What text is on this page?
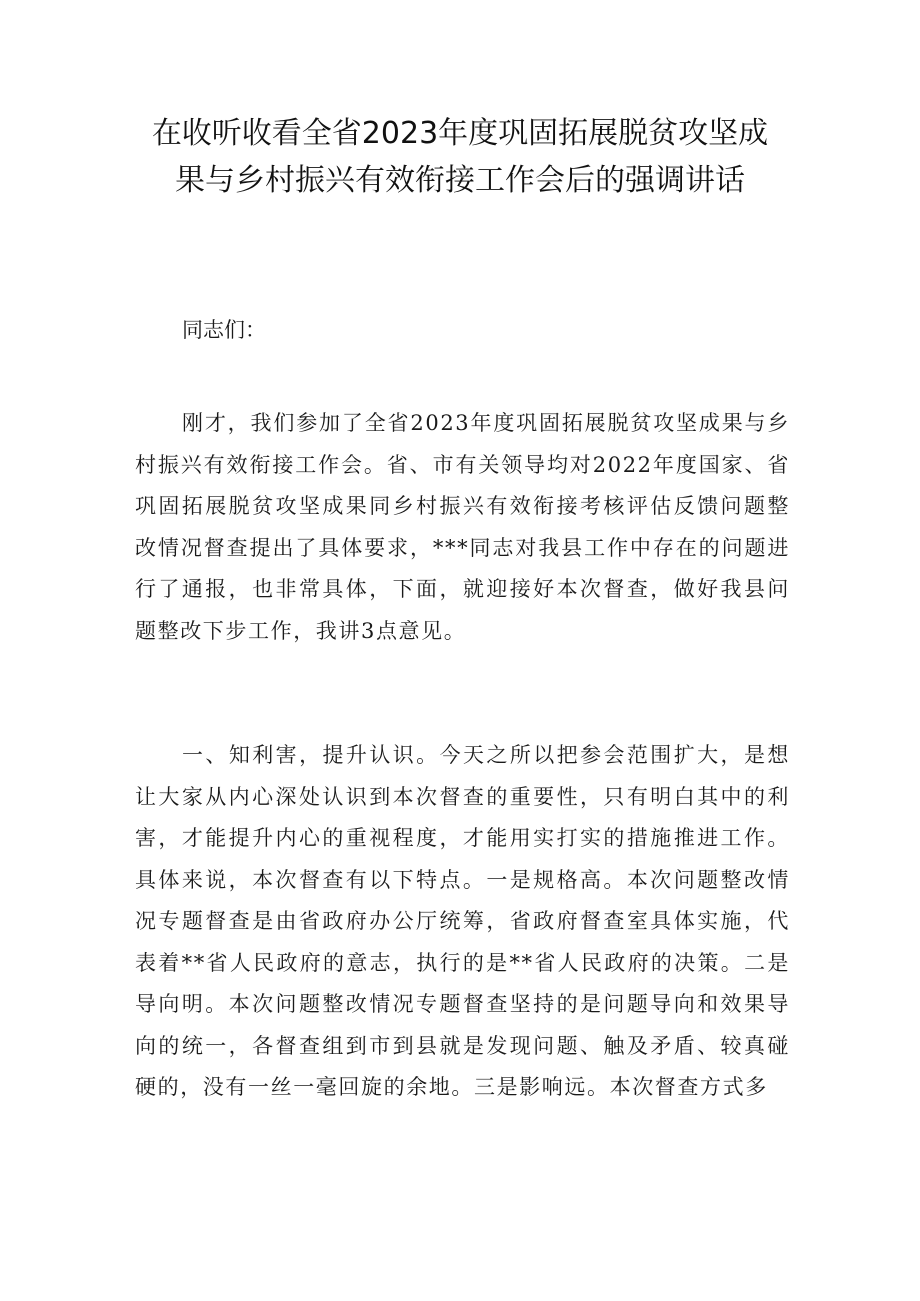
在收听收看全省2023年度巩固拓展脱贫攻坚成果与乡村振兴有效衔接工作会后的强调讲话

同志们：

刚才，我们参加了全省2023年度巩固拓展脱贫攻坚成果与乡村振兴有效衔接工作会。省、市有关领导均对2022年度国家、省巩固拓展脱贫攻坚成果同乡村振兴有效衔接考核评估反馈问题整改情况督查提出了具体要求，***同志对我县工作中存在的问题进行了通报，也非常具体，下面，就迎接好本次督查，做好我县问题整改下步工作，我讲3点意见。

一、知利害，提升认识。今天之所以把参会范围扩大，是想让大家从内心深处认识到本次督查的重要性，只有明白其中的利害，才能提升内心的重视程度，才能用实打实的措施推进工作。具体来说，本次督查有以下特点。一是规格高。本次问题整改情况专题督查是由省政府办公厅统筹，省政府督查室具体实施，代表着**省人民政府的意志，执行的是**省人民政府的决策。二是导向明。本次问题整改情况专题督查坚持的是问题导向和效果导向的统一，各督查组到市到县就是发现问题、触及矛盾、较真碰硬的，没有一丝一毫回旋的余地。三是影响远。本次督查方式多
